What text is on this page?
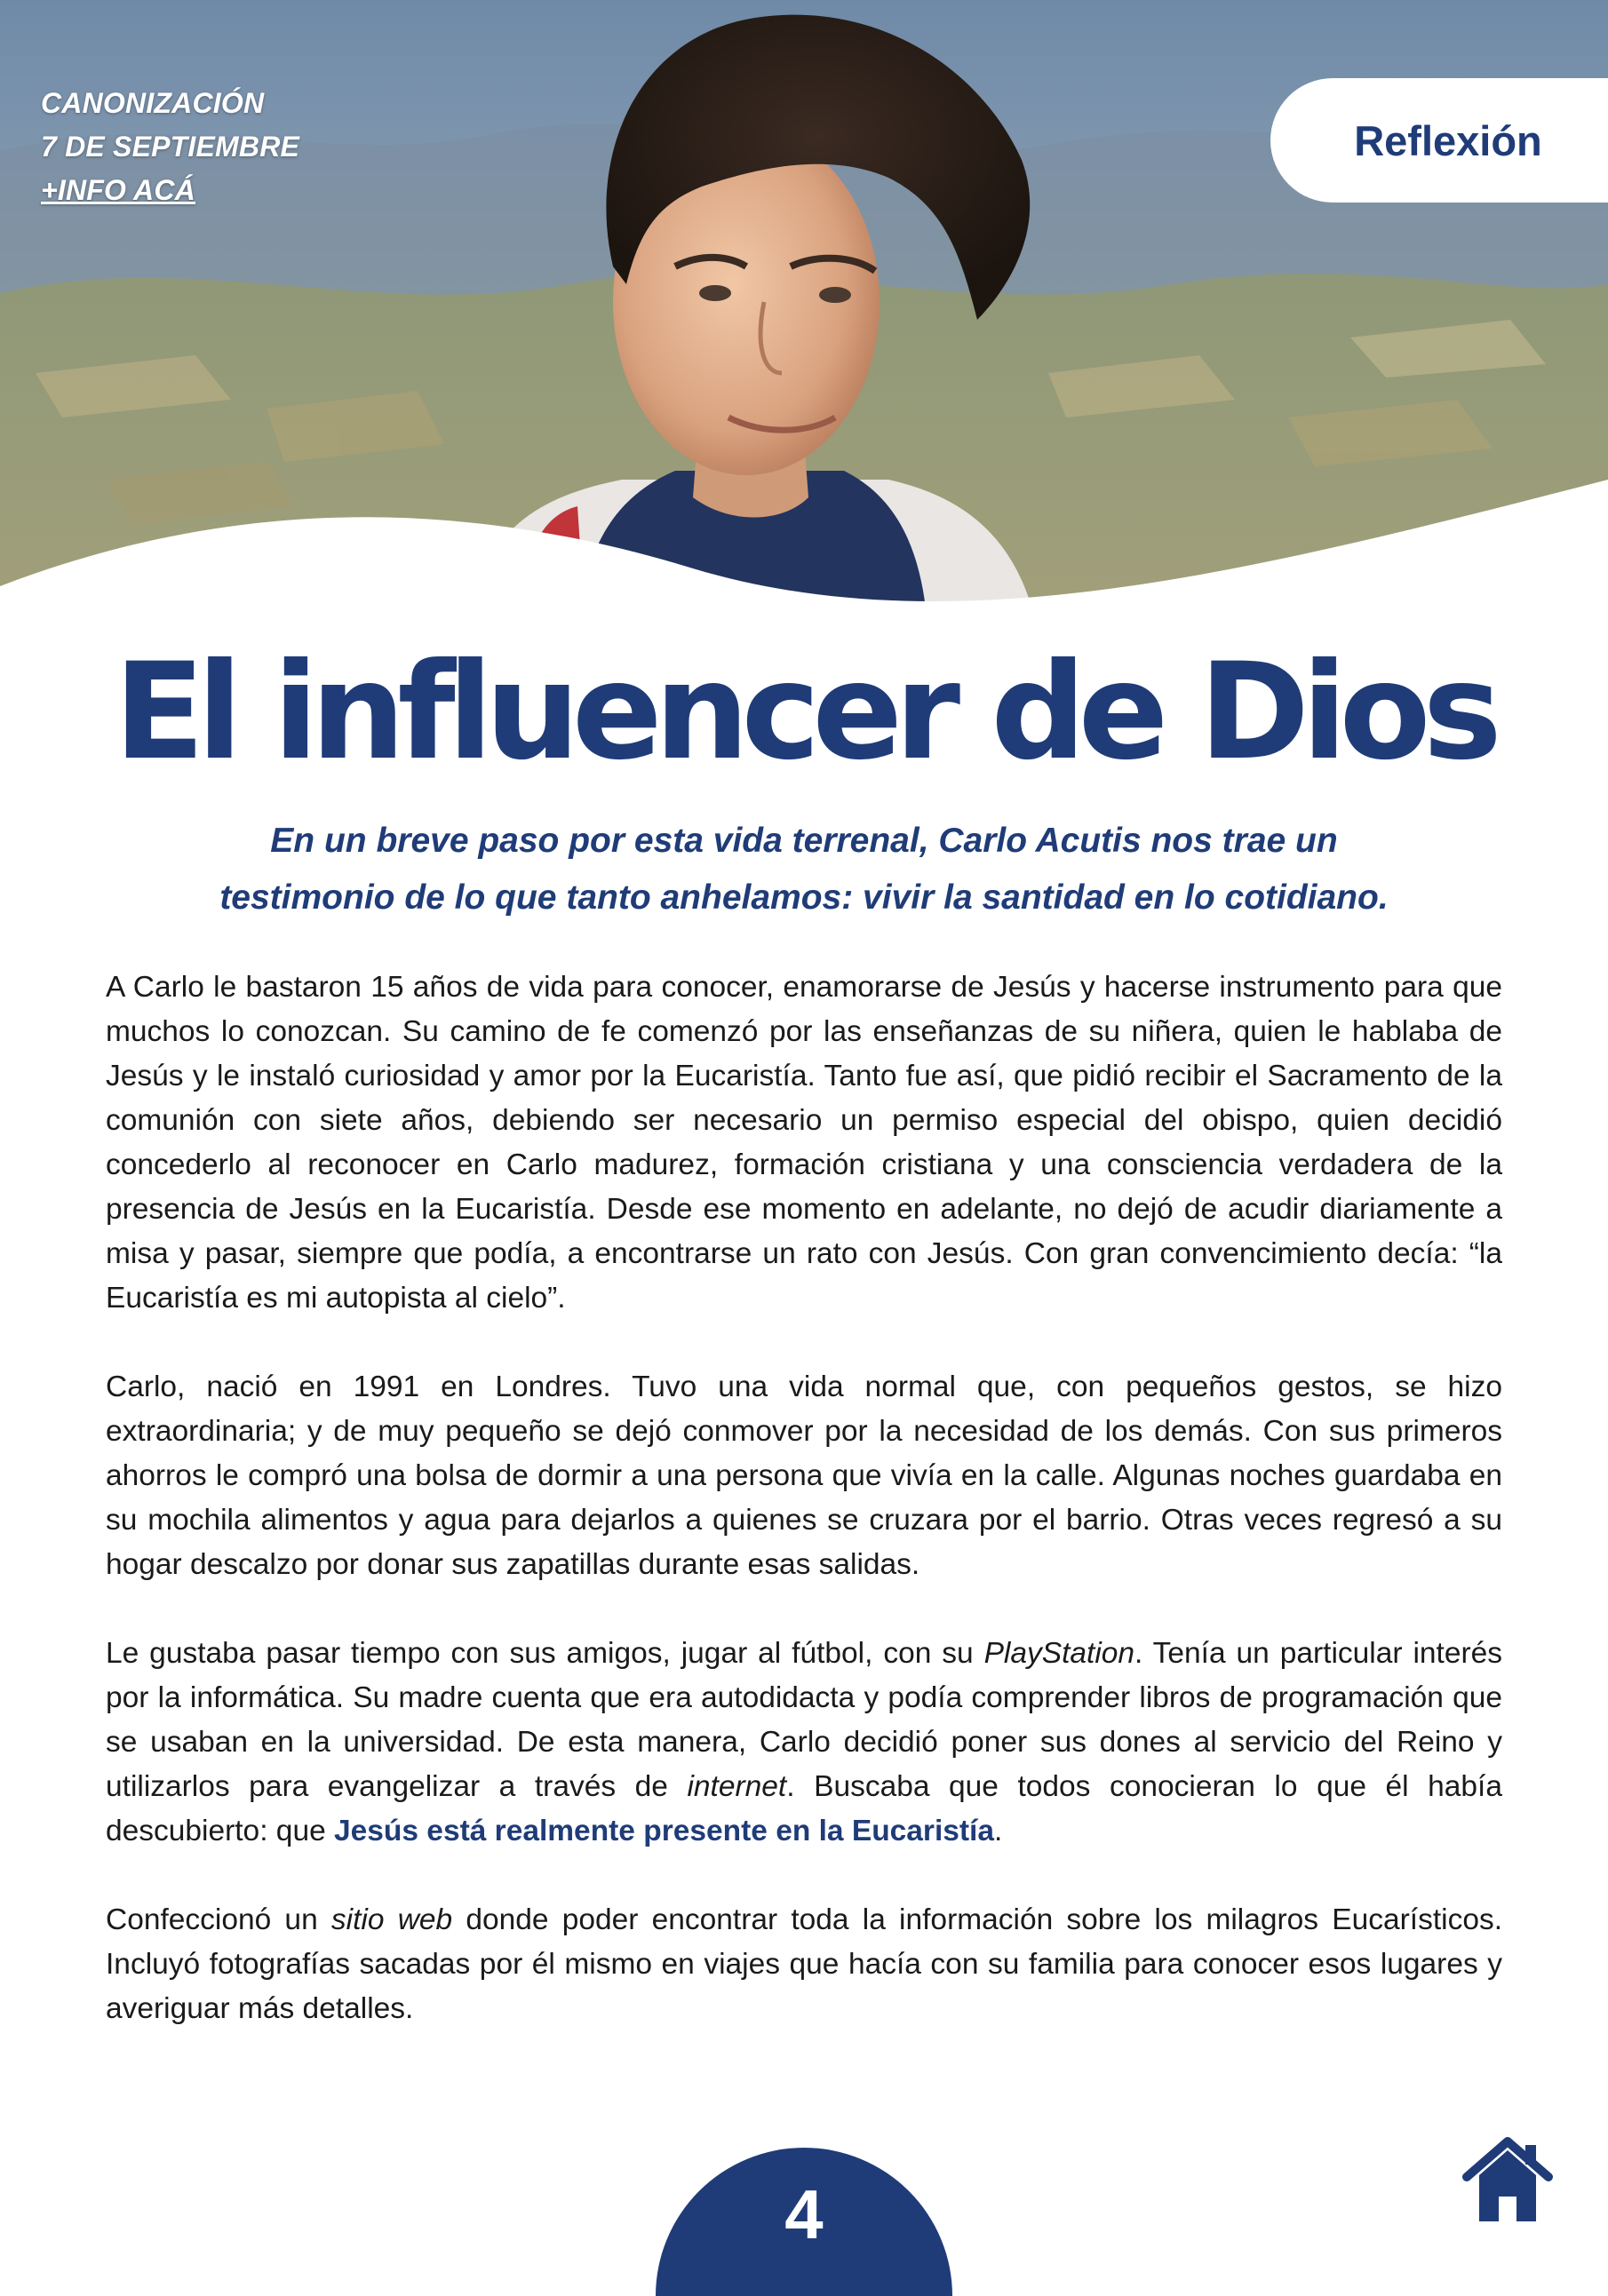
CANONIZACIÓN
7 DE SEPTIEMBRE
+INFO ACÁ
Reflexión
El influencer de Dios
En un breve paso por esta vida terrenal, Carlo Acutis nos trae un
testimonio de lo que tanto anhelamos: vivir la santidad en lo cotidiano.

A Carlo le bastaron 15 años de vida para conocer, enamorarse de Jesús y hacerse instrumento para que muchos lo conozcan. Su camino de fe comenzó por las enseñanzas de su niñera, quien le hablaba de Jesús y le instaló curiosidad y amor por la Eucaristía. Tanto fue así, que pidió recibir el Sacramento de la comunión con siete años, debiendo ser necesario un permiso especial del obispo, quien decidió concederlo al reconocer en Carlo madurez, formación cristiana y una consciencia verdadera de la presencia de Jesús en la Eucaristía. Desde ese momento en adelante, no dejó de acudir diariamente a misa y pasar, siempre que podía, a encontrarse un rato con Jesús. Con gran convencimiento decía: “la Eucaristía es mi autopista al cielo”.

Carlo, nació en 1991 en Londres. Tuvo una vida normal que, con pequeños gestos, se hizo extraordinaria; y de muy pequeño se dejó conmover por la necesidad de los demás. Con sus primeros ahorros le compró una bolsa de dormir a una persona que vivía en la calle. Algunas noches guardaba en su mochila alimentos y agua para dejarlos a quienes se cruzara por el barrio. Otras veces regresó a su hogar descalzo por donar sus zapatillas durante esas salidas.

Le gustaba pasar tiempo con sus amigos, jugar al fútbol, con su PlayStation. Tenía un particular interés por la informática. Su madre cuenta que era autodidacta y podía comprender libros de programación que se usaban en la universidad. De esta manera, Carlo decidió poner sus dones al servicio del Reino y utilizarlos para evangelizar a través de internet. Buscaba que todos conocieran lo que él había descubierto: que Jesús está realmente presente en la Eucaristía.

Confeccionó un sitio web donde poder encontrar toda la información sobre los milagros Eucarísticos. Incluyó fotografías sacadas por él mismo en viajes que hacía con su familia para conocer esos lugares y averiguar más detalles.

4
